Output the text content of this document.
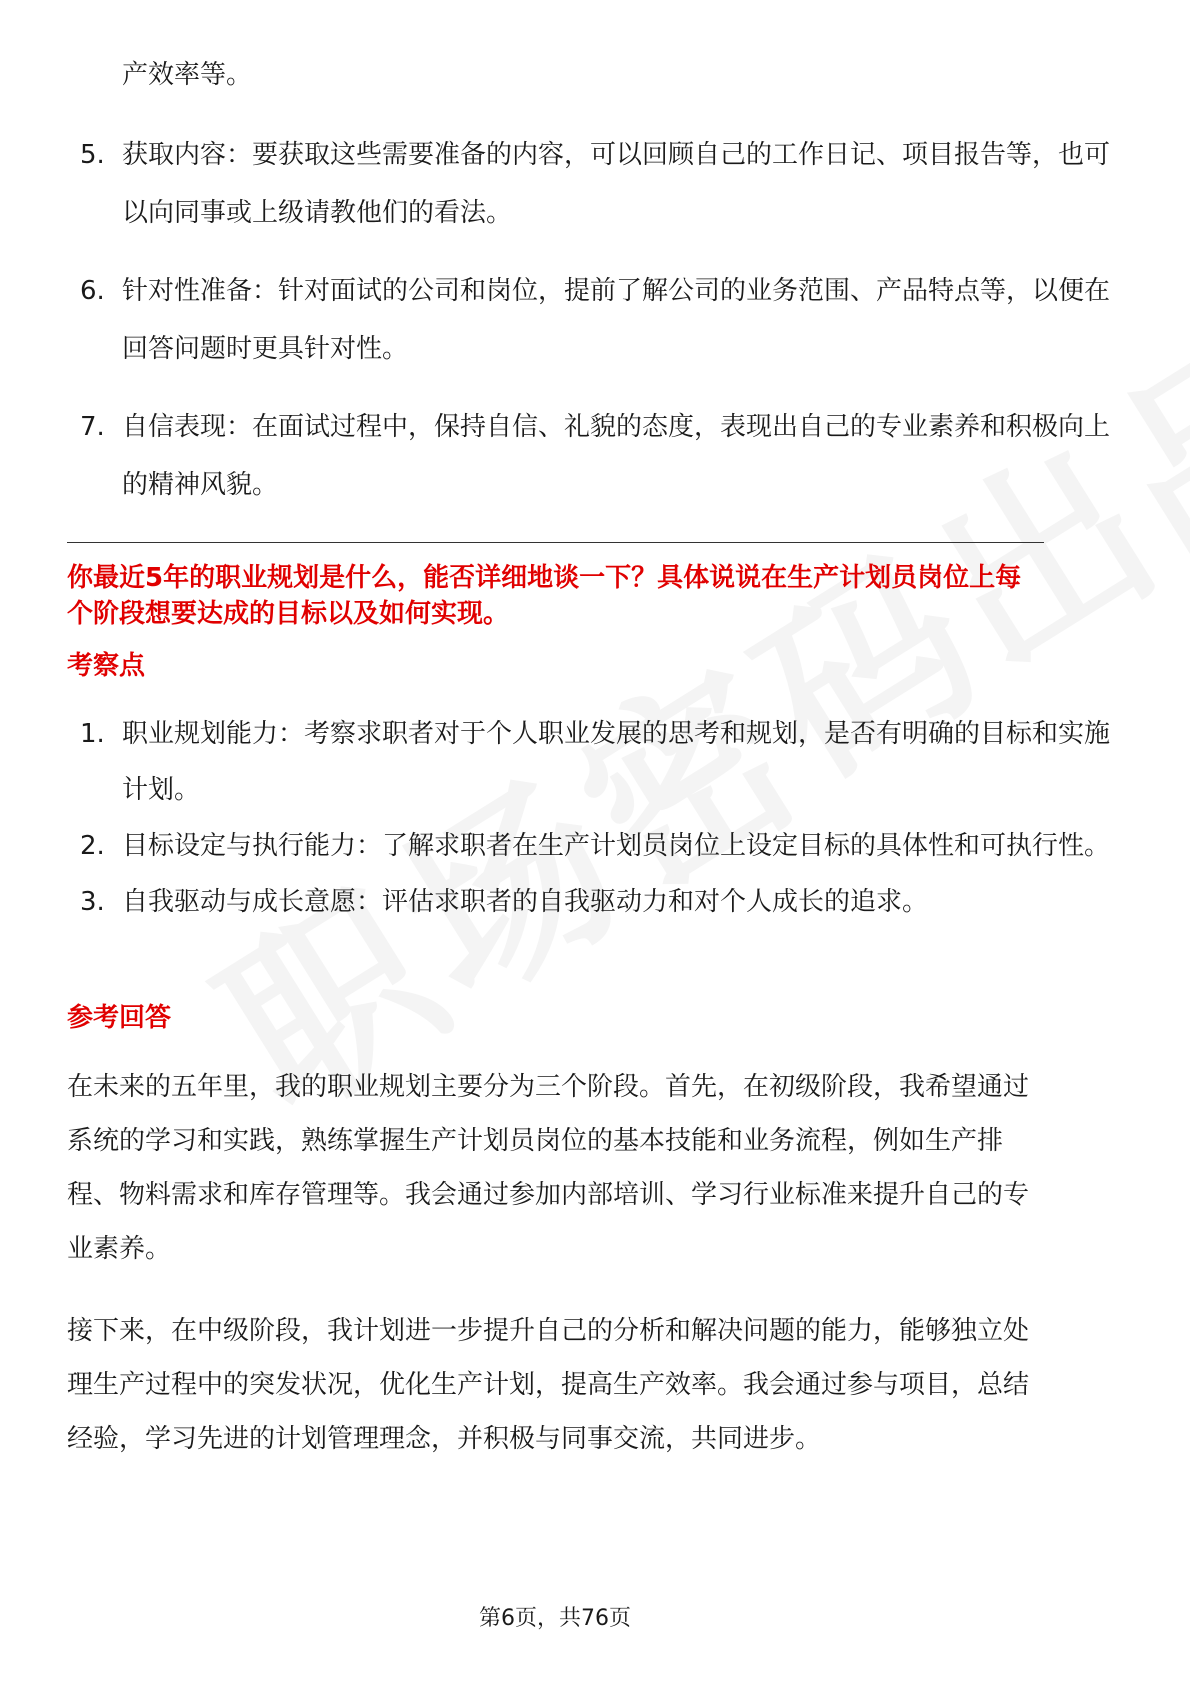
产效率等。
5. 获取内容：要获取这些需要准备的内容，可以回顾自己的工作日记、项目报告等，也可以向同事或上级请教他们的看法。
6. 针对性准备：针对面试的公司和岗位，提前了解公司的业务范围、产品特点等，以便在回答问题时更具针对性。
7. 自信表现：在面试过程中，保持自信、礼貌的态度，表现出自己的专业素养和积极向上的精神风貌。
你最近5年的职业规划是什么，能否详细地谈一下？具体说说在生产计划员岗位上每个阶段想要达成的目标以及如何实现。
考察点
1. 职业规划能力：考察求职者对于个人职业发展的思考和规划，是否有明确的目标和实施计划。
2. 目标设定与执行能力：了解求职者在生产计划员岗位上设定目标的具体性和可执行性。
3. 自我驱动与成长意愿：评估求职者的自我驱动力和对个人成长的追求。
参考回答

在未来的五年里，我的职业规划主要分为三个阶段。首先，在初级阶段，我希望通过系统的学习和实践，熟练掌握生产计划员岗位的基本技能和业务流程，例如生产排程、物料需求和库存管理等。我会通过参加内部培训、学习行业标准来提升自己的专业素养。

接下来，在中级阶段，我计划进一步提升自己的分析和解决问题的能力，能够独立处理生产过程中的突发状况，优化生产计划，提高生产效率。我会通过参与项目，总结经验，学习先进的计划管理理念，并积极与同事交流，共同进步。

第6页，共76页
